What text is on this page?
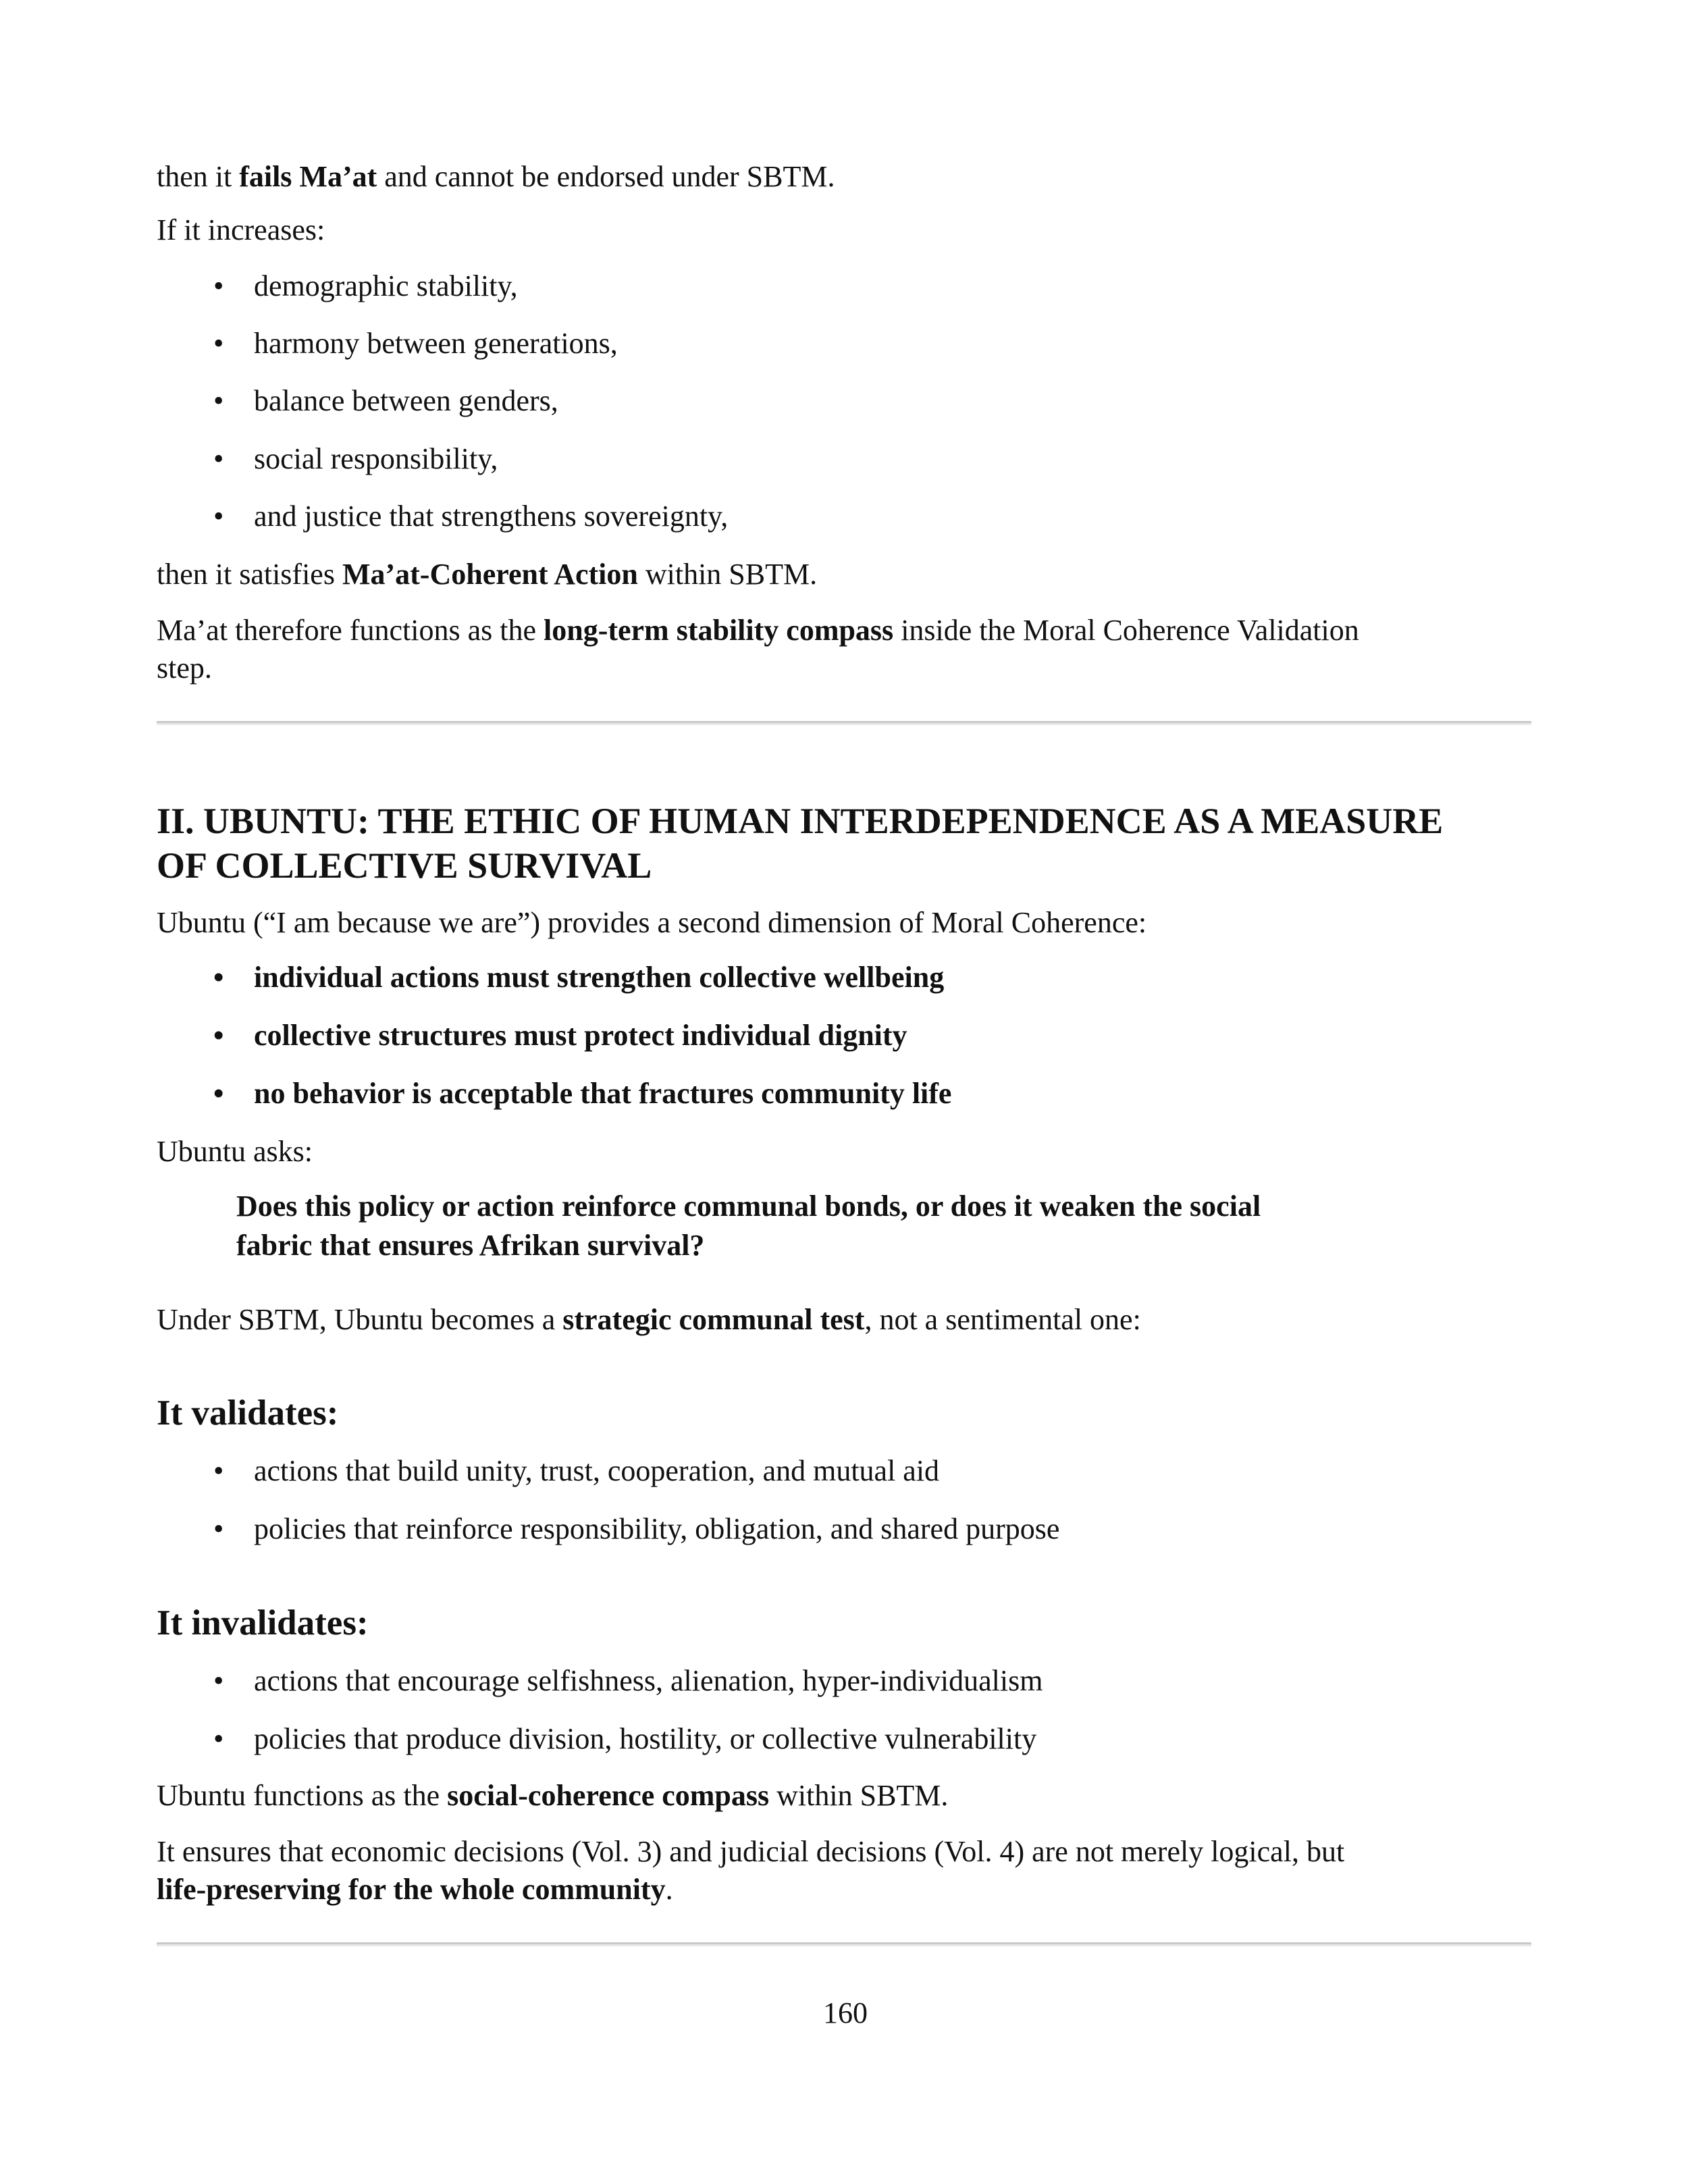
then it fails Ma’at and cannot be endorsed under SBTM.
If it increases:
• demographic stability,
• harmony between generations,
• balance between genders,
• social responsibility,
• and justice that strengthens sovereignty,
then it satisfies Ma’at-Coherent Action within SBTM.
Ma’at therefore functions as the long-term stability compass inside the Moral Coherence Validation
step.
II. UBUNTU: THE ETHIC OF HUMAN INTERDEPENDENCE AS A MEASURE
OF COLLECTIVE SURVIVAL
Ubuntu (“I am because we are”) provides a second dimension of Moral Coherence:
• individual actions must strengthen collective wellbeing
• collective structures must protect individual dignity
• no behavior is acceptable that fractures community life
Ubuntu asks:
Does this policy or action reinforce communal bonds, or does it weaken the social
fabric that ensures Afrikan survival?
Under SBTM, Ubuntu becomes a strategic communal test, not a sentimental one:
It validates:
• actions that build unity, trust, cooperation, and mutual aid
• policies that reinforce responsibility, obligation, and shared purpose
It invalidates:
• actions that encourage selfishness, alienation, hyper-individualism
• policies that produce division, hostility, or collective vulnerability
Ubuntu functions as the social-coherence compass within SBTM.
It ensures that economic decisions (Vol. 3) and judicial decisions (Vol. 4) are not merely logical, but
life-preserving for the whole community.
160
